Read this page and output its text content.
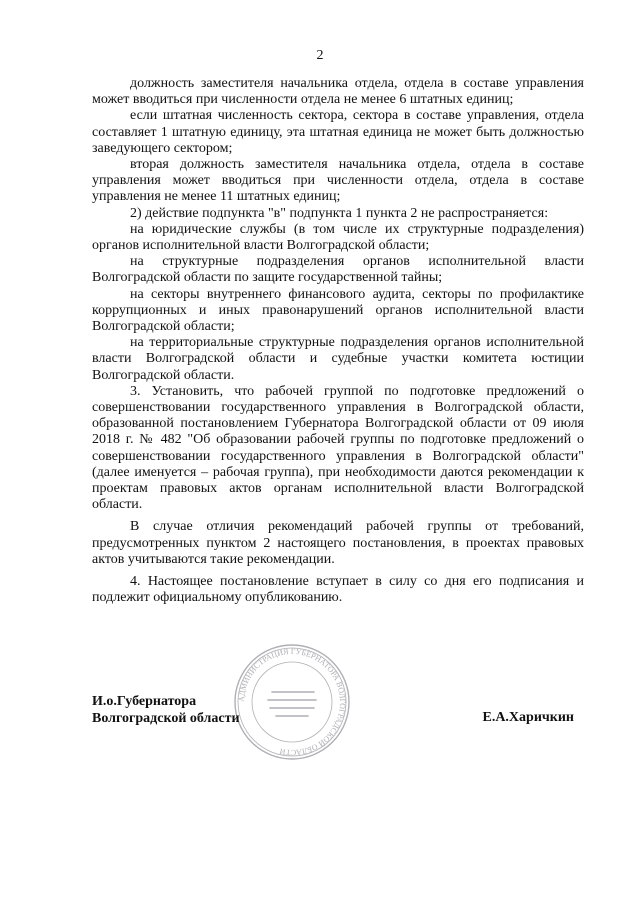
2

должность заместителя начальника отдела, отдела в составе управления может вводиться при численности отдела не менее 6 штатных единиц;

если штатная численность сектора, сектора в составе управления, отдела составляет 1 штатную единицу, эта штатная единица не может быть должностью заведующего сектором;

вторая должность заместителя начальника отдела, отдела в составе управления может вводиться при численности отдела, отдела в составе управления не менее 11 штатных единиц;

2) действие подпункта "в" подпункта 1 пункта 2 не распространяется:

на юридические службы (в том числе их структурные подразделения) органов исполнительной власти Волгоградской области;

на структурные подразделения органов исполнительной власти Волгоградской области по защите государственной тайны;

на секторы внутреннего финансового аудита, секторы по профилактике коррупционных и иных правонарушений органов исполнительной власти Волгоградской области;

на территориальные структурные подразделения органов исполнительной власти Волгоградской области и судебные участки комитета юстиции Волгоградской области.

3. Установить, что рабочей группой по подготовке предложений о совершенствовании государственного управления в Волгоградской области, образованной постановлением Губернатора Волгоградской области от 09 июля 2018 г. № 482 "Об образовании рабочей группы по подготовке предложений о совершенствовании государственного управления в Волгоградской области" (далее именуется – рабочая группа), при необходимости даются рекомендации к проектам правовых актов органам исполнительной власти Волгоградской области.

В случае отличия рекомендаций рабочей группы от требований, предусмотренных пунктом 2 настоящего постановления, в проектах правовых актов учитываются такие рекомендации.

4. Настоящее постановление вступает в силу со дня его подписания и подлежит официальному опубликованию.

АДМИНИСТРАЦИЯ ГУБЕРНАТОРА ВОЛГОГРАДСКОЙ ОБЛАСТИ
И.о.Губернатора
Волгоградской области	Е.А.Харичкин
